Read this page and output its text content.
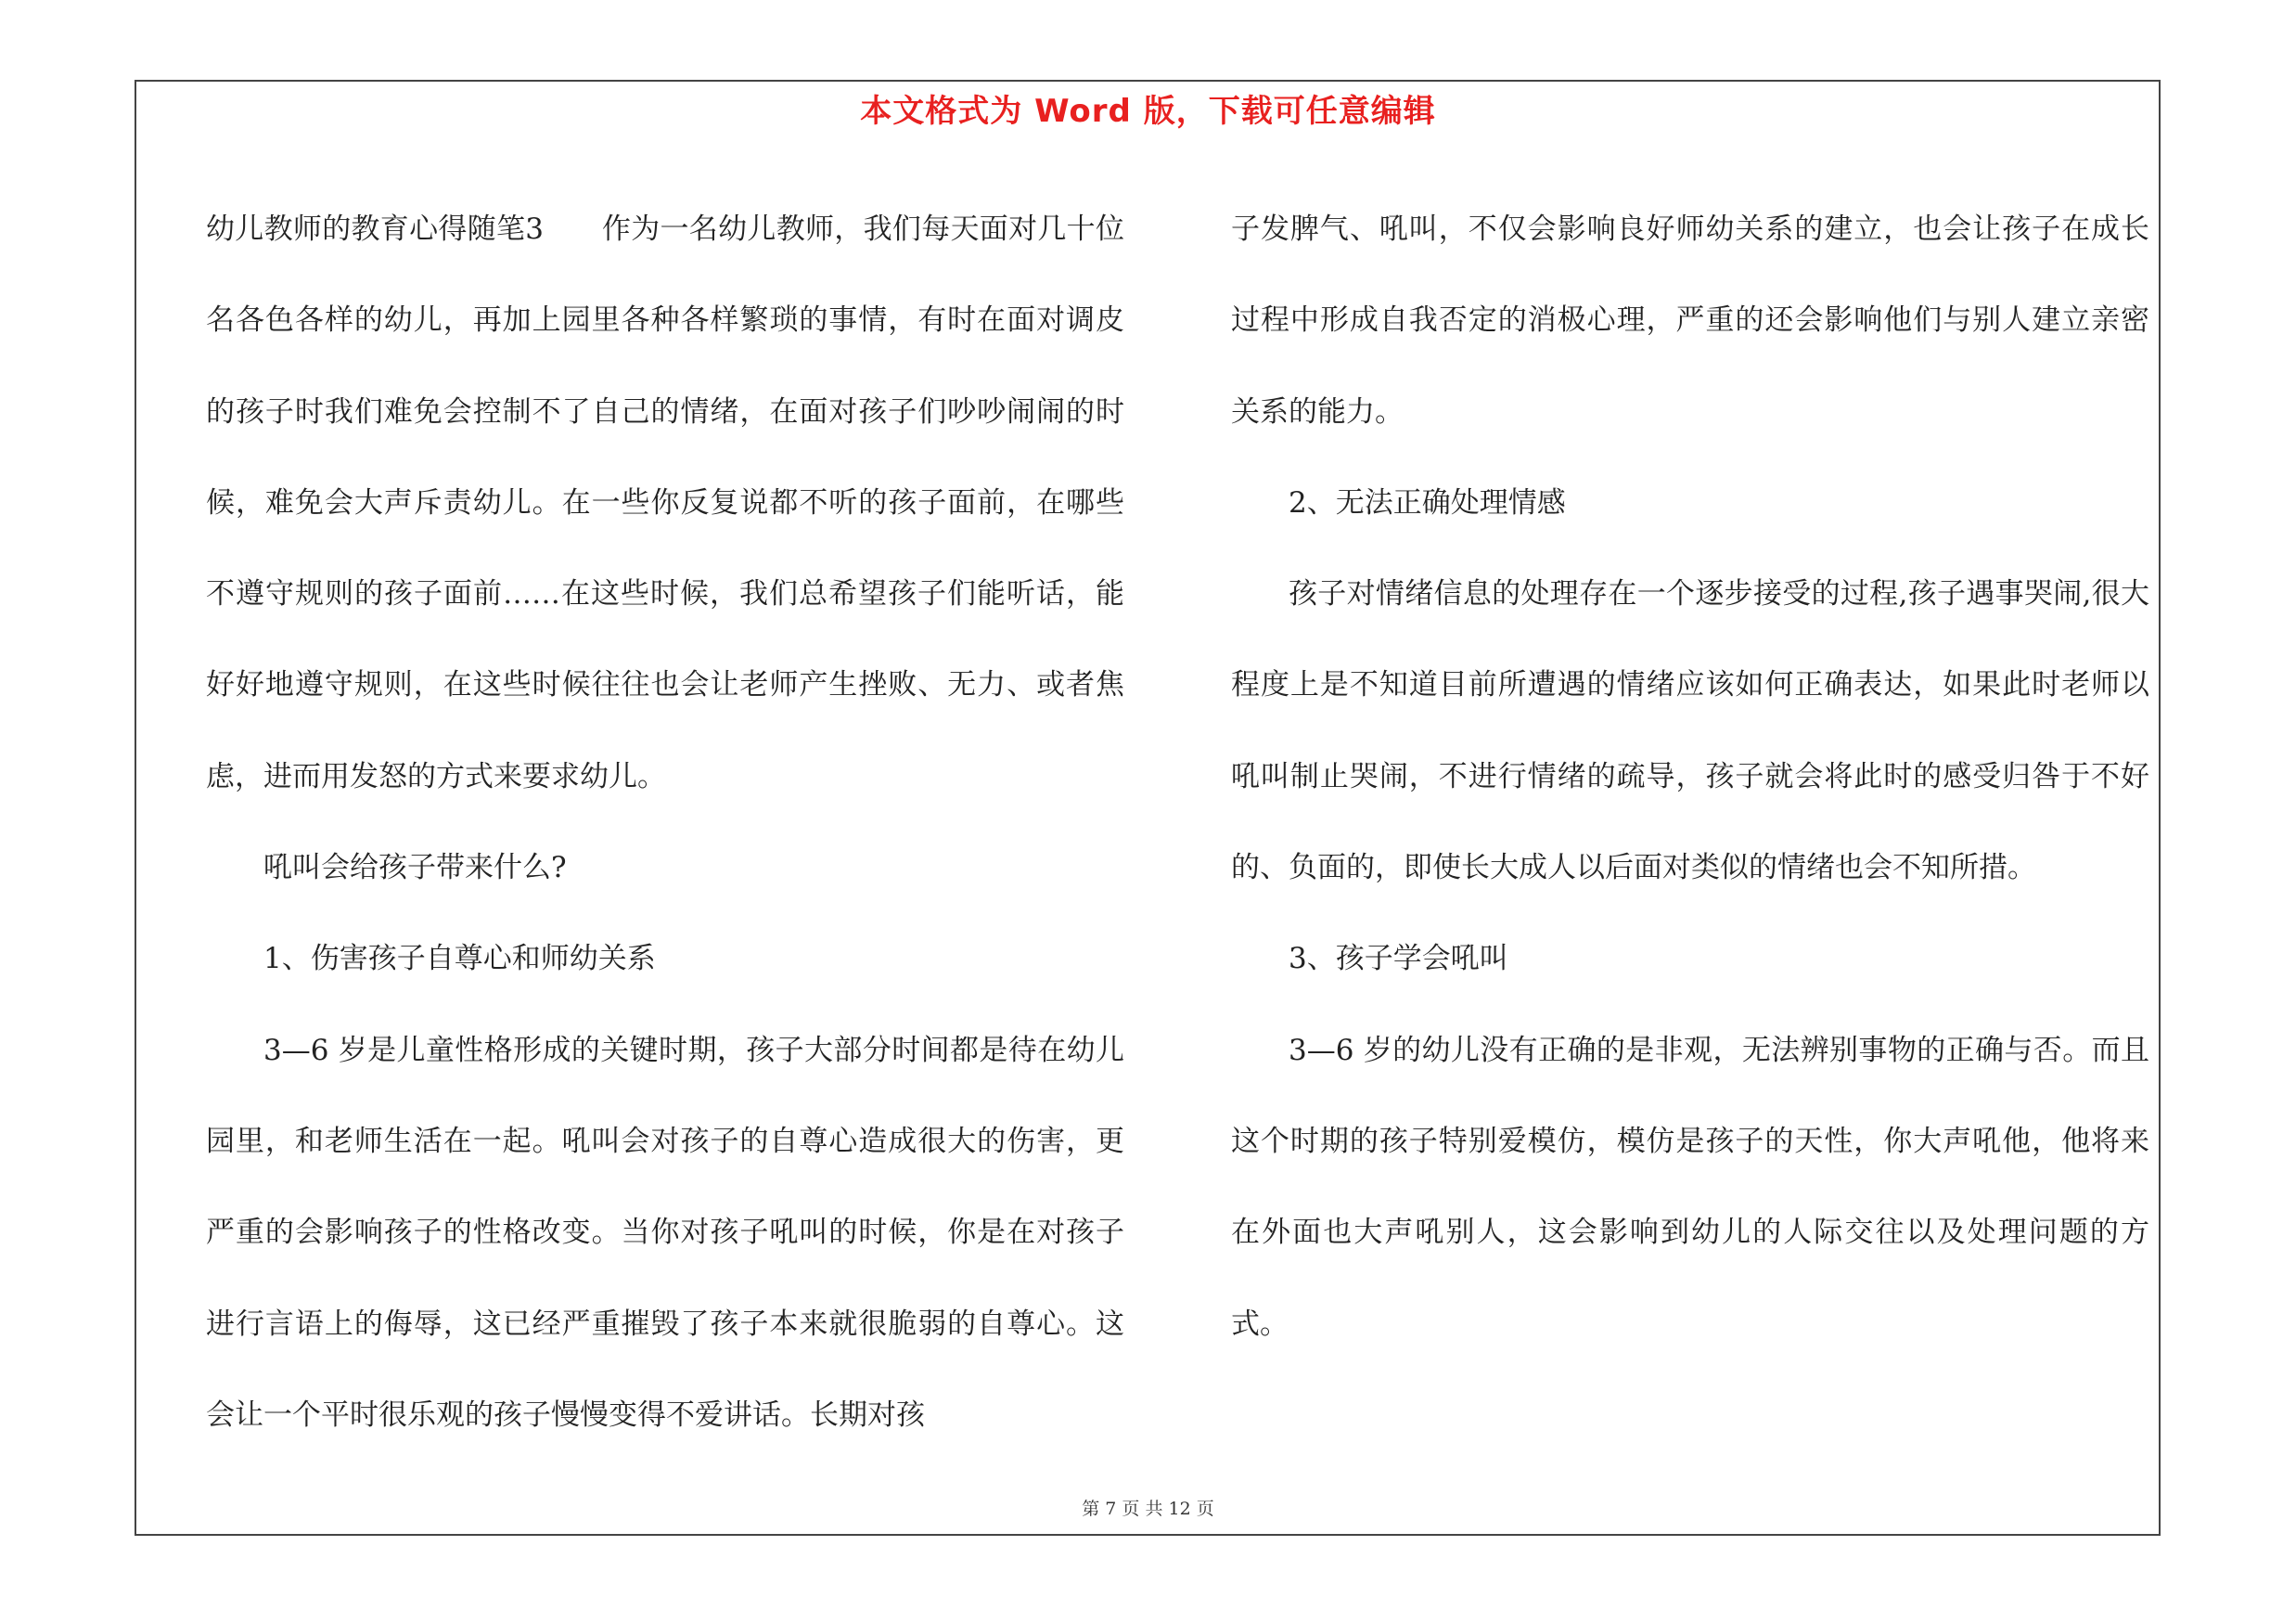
本文格式为 Word 版，下载可任意编辑

幼儿教师的教育心得随笔3　　作为一名幼儿教师，我们每天面对几十位名各色各样的幼儿，再加上园里各种各样繁琐的事情，有时在面对调皮的孩子时我们难免会控制不了自己的情绪，在面对孩子们吵吵闹闹的时候，难免会大声斥责幼儿。在一些你反复说都不听的孩子面前，在哪些不遵守规则的孩子面前……在这些时候，我们总希望孩子们能听话，能好好地遵守规则，在这些时候往往也会让老师产生挫败、无力、或者焦虑，进而用发怒的方式来要求幼儿。

吼叫会给孩子带来什么?

1、伤害孩子自尊心和师幼关系

3—6 岁是儿童性格形成的关键时期，孩子大部分时间都是待在幼儿园里，和老师生活在一起。吼叫会对孩子的自尊心造成很大的伤害，更严重的会影响孩子的性格改变。当你对孩子吼叫的时候，你是在对孩子进行言语上的侮辱，这已经严重摧毁了孩子本来就很脆弱的自尊心。这会让一个平时很乐观的孩子慢慢变得不爱讲话。长期对孩

子发脾气、吼叫，不仅会影响良好师幼关系的建立，也会让孩子在成长过程中形成自我否定的消极心理，严重的还会影响他们与别人建立亲密关系的能力。

2、无法正确处理情感

孩子对情绪信息的处理存在一个逐步接受的过程,孩子遇事哭闹,很大程度上是不知道目前所遭遇的情绪应该如何正确表达，如果此时老师以吼叫制止哭闹，不进行情绪的疏导，孩子就会将此时的感受归咎于不好的、负面的，即使长大成人以后面对类似的情绪也会不知所措。

3、孩子学会吼叫

3—6 岁的幼儿没有正确的是非观，无法辨别事物的正确与否。而且这个时期的孩子特别爱模仿，模仿是孩子的天性，你大声吼他，他将来在外面也大声吼别人，这会影响到幼儿的人际交往以及处理问题的方式。

第 7 页 共 12 页
